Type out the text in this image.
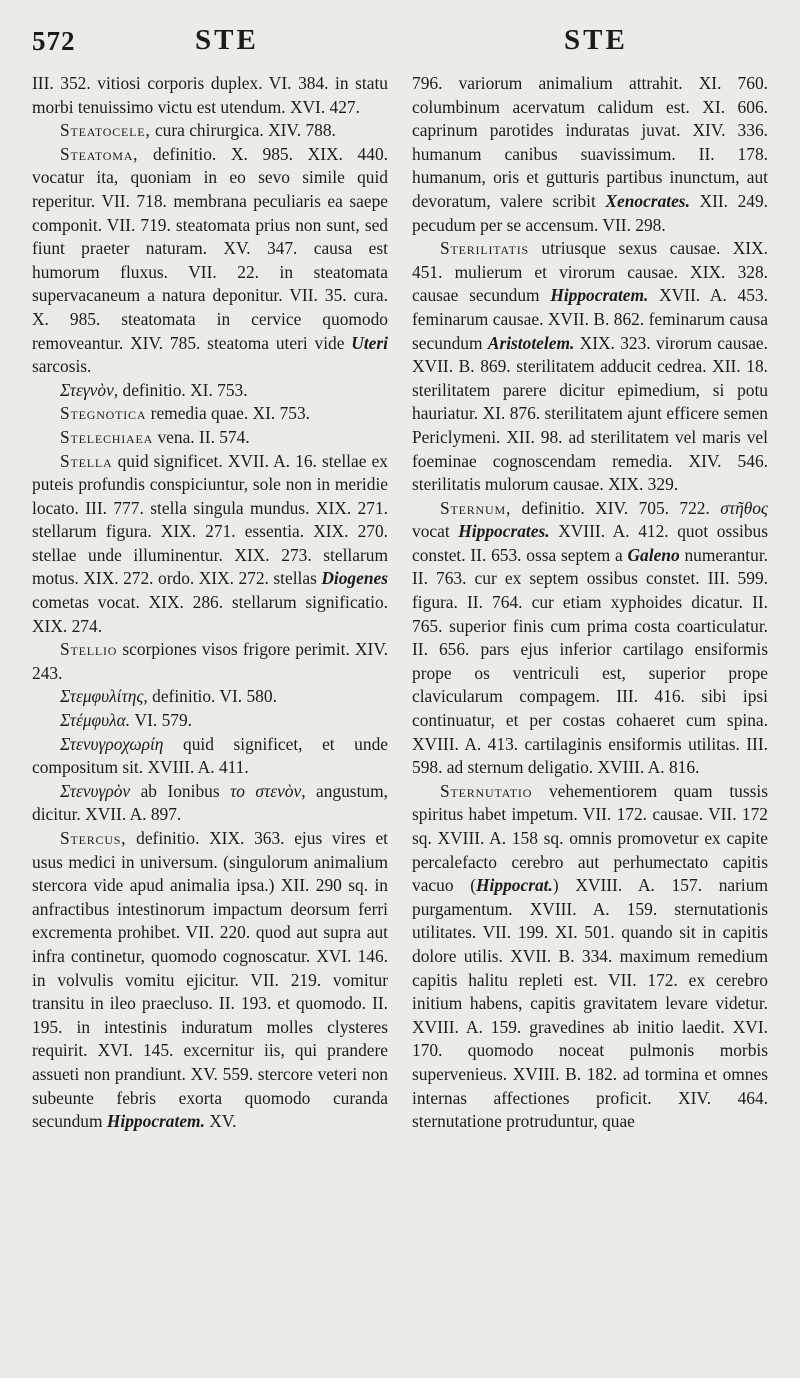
572	STE	STE

III. 352. vitiosi corporis duplex. VI. 384. in statu morbi tenuissimo victu est utendum. XVI. 427.

Steatocele, cura chirurgica. XIV. 788.

Steatoma, definitio. X. 985. XIX. 440. vocatur ita, quoniam in eo sevo simile quid reperitur. VII. 718. membrana peculiaris ea saepe componit. VII. 719. steatomata prius non sunt, sed fiunt praeter naturam. XV. 347. causa est humorum fluxus. VII. 22. in steatomata supervacaneum a natura deponitur. VII. 35. cura. X. 985. steatomata in cervice quomodo removeantur. XIV. 785. steatoma uteri vide Uteri sarcosis.

Στεγνὸν, definitio. XI. 753.

Stegnotica remedia quae. XI. 753.

Stelechiaea vena. II. 574.

Stella quid significet. XVII. A. 16. stellae ex puteis profundis conspiciuntur, sole non in meridie locato. III. 777. stella singula mundus. XIX. 271. stellarum figura. XIX. 271. essentia. XIX. 270. stellae unde illuminentur. XIX. 273. stellarum motus. XIX. 272. ordo. XIX. 272. stellas Diogenes cometas vocat. XIX. 286. stellarum significatio. XIX. 274.

Stellio scorpiones visos frigore perimit. XIV. 243.

Στεμφυλίτης, definitio. VI. 580.

Στέμφυλα. VI. 579.

Στενυγροχωρίη quid significet, et unde compositum sit. XVIII. A. 411.

Στενυγρὸν ab Ionibus το στενὸν, angustum, dicitur. XVII. A. 897.

Stercus, definitio. XIX. 363. ejus vires et usus medici in universum. (singulorum animalium stercora vide apud animalia ipsa.) XII. 290 sq. in anfractibus intestinorum impactum deorsum ferri excrementa prohibet. VII. 220. quod aut supra aut infra continetur, quomodo cognoscatur. XVI. 146. in volvulis vomitu ejicitur. VII. 219. vomitur transitu in ileo praecluso. II. 193. et quomodo. II. 195. in intestinis induratum molles clysteres requirit. XVI. 145. excernitur iis, qui prandere assueti non prandiunt. XV. 559. stercore veteri non subeunte febris exorta quomodo curanda secundum Hippocratem. XV.

796. variorum animalium attrahit. XI. 760. columbinum acervatum calidum est. XI. 606. caprinum parotides induratas juvat. XIV. 336. humanum canibus suavissimum. II. 178. humanum, oris et gutturis partibus inunctum, aut devoratum, valere scribit Xenocrates. XII. 249. pecudum per se accensum. VII. 298.

Sterilitatis utriusque sexus causae. XIX. 451. mulierum et virorum causae. XIX. 328. causae secundum Hippocratem. XVII. A. 453. feminarum causae. XVII. B. 862. feminarum causa secundum Aristotelem. XIX. 323. virorum causae. XVII. B. 869. sterilitatem adducit cedrea. XII. 18. sterilitatem parere dicitur epimedium, si potu hauriatur. XI. 876. sterilitatem ajunt efficere semen Periclymeni. XII. 98. ad sterilitatem vel maris vel foeminae cognoscendam remedia. XIV. 546. sterilitatis mulorum causae. XIX. 329.

Sternum, definitio. XIV. 705. 722. στῆθος vocat Hippocrates. XVIII. A. 412. quot ossibus constet. II. 653. ossa septem a Galeno numerantur. II. 763. cur ex septem ossibus constet. III. 599. figura. II. 764. cur etiam xyphoides dicatur. II. 765. superior finis cum prima costa coarticulatur. II. 656. pars ejus inferior cartilago ensiformis prope os ventriculi est, superior prope clavicularum compagem. III. 416. sibi ipsi continuatur, et per costas cohaeret cum spina. XVIII. A. 413. cartilaginis ensiformis utilitas. III. 598. ad sternum deligatio. XVIII. A. 816.

Sternutatio vehementiorem quam tussis spiritus habet impetum. VII. 172. causae. VII. 172 sq. XVIII. A. 158 sq. omnis promovetur ex capite percalefacto cerebro aut perhumectato capitis vacuo (Hippocrat.) XVIII. A. 157. narium purgamentum. XVIII. A. 159. sternutationis utilitates. VII. 199. XI. 501. quando sit in capitis dolore utilis. XVII. B. 334. maximum remedium capitis halitu repleti est. VII. 172. ex cerebro initium habens, capitis gravitatem levare videtur. XVIII. A. 159. gravedines ab initio laedit. XVI. 170. quomodo noceat pulmonis morbis supervenieus. XVIII. B. 182. ad tormina et omnes internas affectiones proficit. XIV. 464. sternutatione protruduntur, quae
